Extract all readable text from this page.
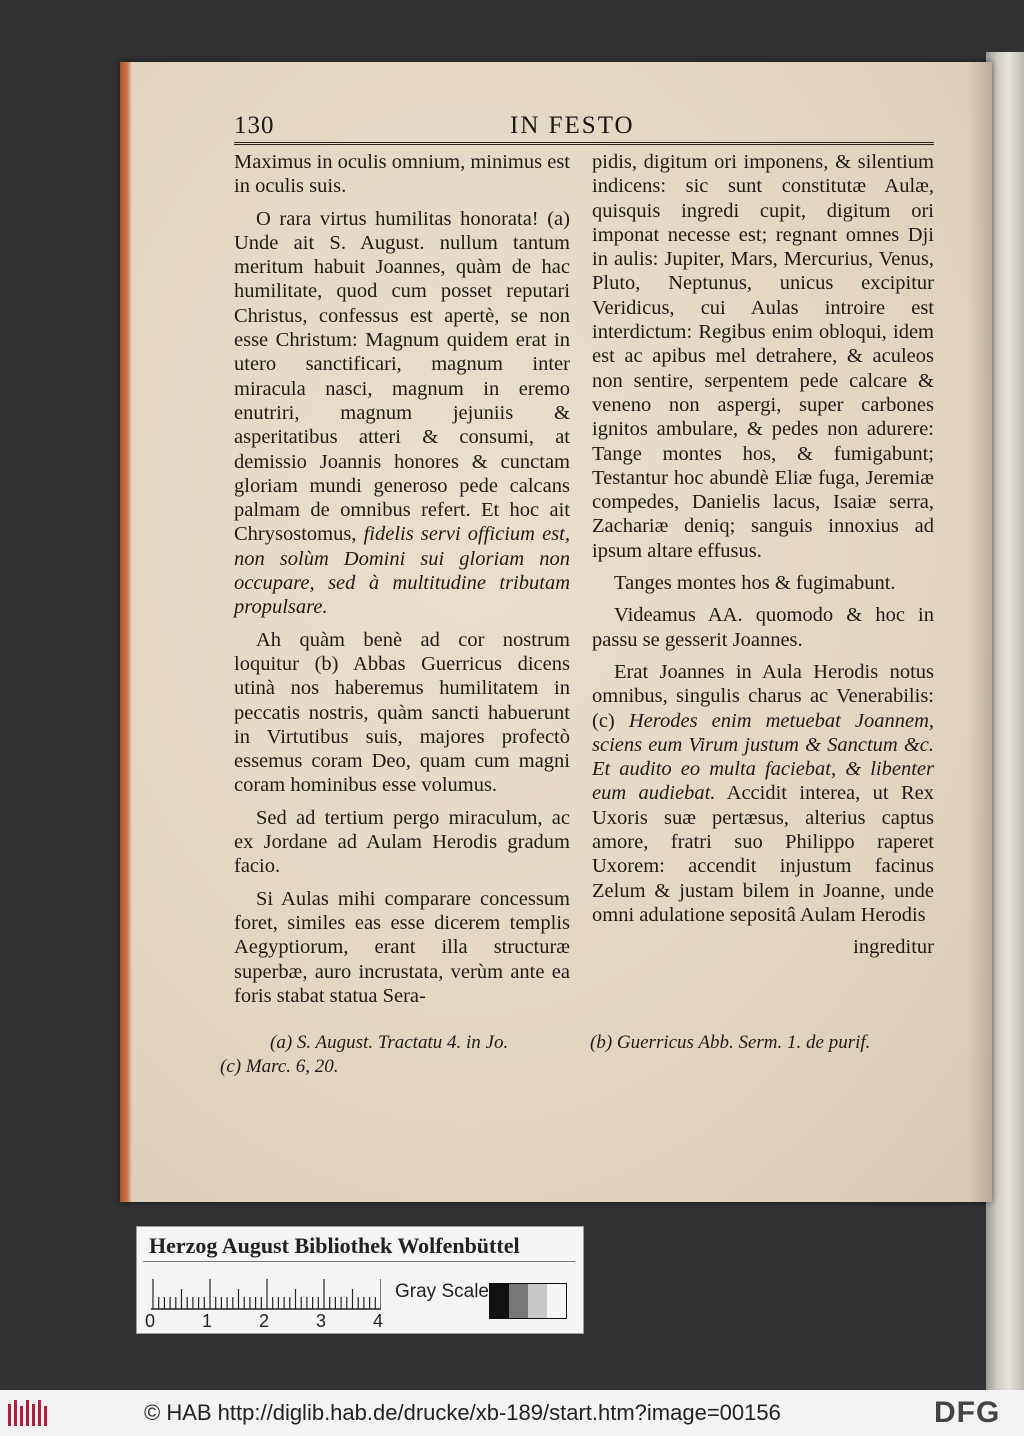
130	IN FESTO

Maximus in oculis omnium, minimus est in oculis suis.

O rara virtus humilitas honorata! (a) Unde ait S. August. nullum tantum meritum habuit Joannes, quàm de hac humilitate, quod cum posset reputari Christus, confessus est apertè, se non esse Christum: Magnum quidem erat in utero sanctificari, magnum inter miracula nasci, magnum in eremo enutriri, magnum jejuniis & asperitatibus atteri & consumi, at demissio Joannis honores & cunctam gloriam mundi generoso pede calcans palmam de omnibus refert. Et hoc ait Chrysostomus, fidelis servi officium est, non solùm Domini sui gloriam non occupare, sed à multitudine tributam propulsare.

Ah quàm benè ad cor nostrum loquitur (b) Abbas Guerricus dicens utinà nos haberemus humilitatem in peccatis nostris, quàm sancti habuerunt in Virtutibus suis, majores profectò essemus coram Deo, quam cum magni coram hominibus esse volumus.

Sed ad tertium pergo miraculum, ac ex Jordane ad Aulam Herodis gradum facio.

Si Aulas mihi comparare concessum foret, similes eas esse dicerem templis Aegyptiorum, erant illa structuræ superbæ, auro incrustata, verùm ante ea foris stabat statua Sera-

pidis, digitum ori imponens, & silentium indicens: sic sunt constitutæ Aulæ, quisquis ingredi cupit, digitum ori imponat necesse est; regnant omnes Dji in aulis: Jupiter, Mars, Mercurius, Venus, Pluto, Neptunus, unicus excipitur Veridicus, cui Aulas introire est interdictum: Regibus enim obloqui, idem est ac apibus mel detrahere, & aculeos non sentire, serpentem pede calcare & veneno non aspergi, super carbones ignitos ambulare, & pedes non adurere: Tange montes hos, & fumigabunt; Testantur hoc abundè Eliæ fuga, Jeremiæ compedes, Danielis lacus, Isaiæ serra, Zachariæ deniq; sanguis innoxius ad ipsum altare effusus.

Tanges montes hos & fugimabunt.

Videamus AA. quomodo & hoc in passu se gesserit Joannes.

Erat Joannes in Aula Herodis notus omnibus, singulis charus ac Venerabilis: (c) Herodes enim metuebat Joannem, sciens eum Virum justum & Sanctum &c. Et audito eo multa faciebat, & libenter eum audiebat. Accidit interea, ut Rex Uxoris suæ pertæsus, alterius captus amore, fratri suo Philippo raperet Uxorem: accendit injustum facinus Zelum & justam bilem in Joanne, unde omni adulatione sepositâ Aulam Herodis

ingreditur

(a) S. August. Tractatu 4. in Jo.	(b) Guerricus Abb. Serm. 1. de purif.
(c) Marc. 6, 20.
Herzog August Bibliothek Wolfenbüttel
0	1	2	3	4
Gray Scale
© HAB http://diglib.hab.de/drucke/xb-189/start.htm?image=00156	DFG
